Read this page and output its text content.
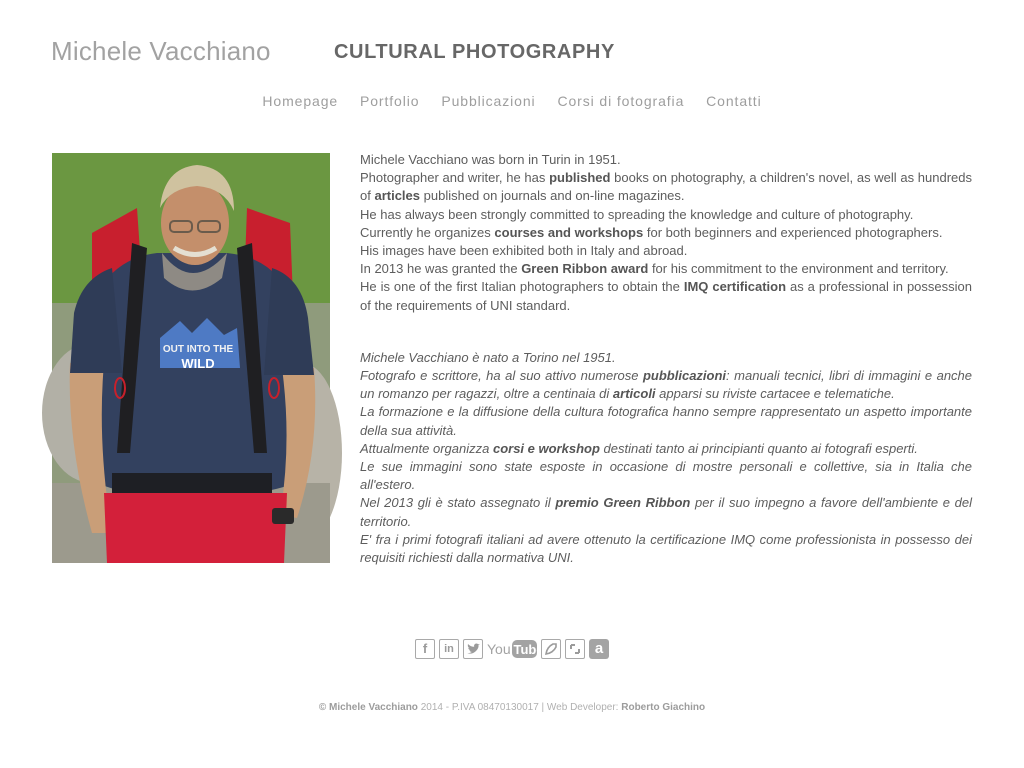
Michele Vacchiano	CULTURAL PHOTOGRAPHY
Homepage Portfolio Pubblicazioni Corsi di fotografia Contatti
OUT INTO THE
WILD

Michele Vacchiano was born in Turin in 1951.

Photographer and writer, he has published books on photography, a children's novel, as well as hundreds of articles published on journals and on-line magazines.

He has always been strongly committed to spreading the knowledge and culture of photography.

Currently he organizes courses and workshops for both beginners and experienced photographers.

His images have been exhibited both in Italy and abroad.

In 2013 he was granted the Green Ribbon award for his commitment to the environment and territory.

He is one of the first Italian photographers to obtain the IMQ certification as a professional in possession of the requirements of UNI standard.

Michele Vacchiano è nato a Torino nel 1951.

Fotografo e scrittore, ha al suo attivo numerose pubblicazioni: manuali tecnici, libri di immagini e anche un romanzo per ragazzi, oltre a centinaia di articoli apparsi su riviste cartacee e telematiche.

La formazione e la diffusione della cultura fotografica hanno sempre rappresentato un aspetto importante della sua attività.

Attualmente organizza corsi e workshop destinati tanto ai principianti quanto ai fotografi esperti.

Le sue immagini sono state esposte in occasione di mostre personali e collettive, sia in Italia che all'estero.

Nel 2013 gli è stato assegnato il premio Green Ribbon per il suo impegno a favore dell'ambiente e del territorio.

E' fra i primi fotografi italiani ad avere ottenuto la certificazione IMQ come professionista in possesso dei requisiti richiesti dalla normativa UNI.

f in You Tube	a
© Michele Vacchiano 2014 - P.IVA 08470130017 | Web Developer: Roberto Giachino
